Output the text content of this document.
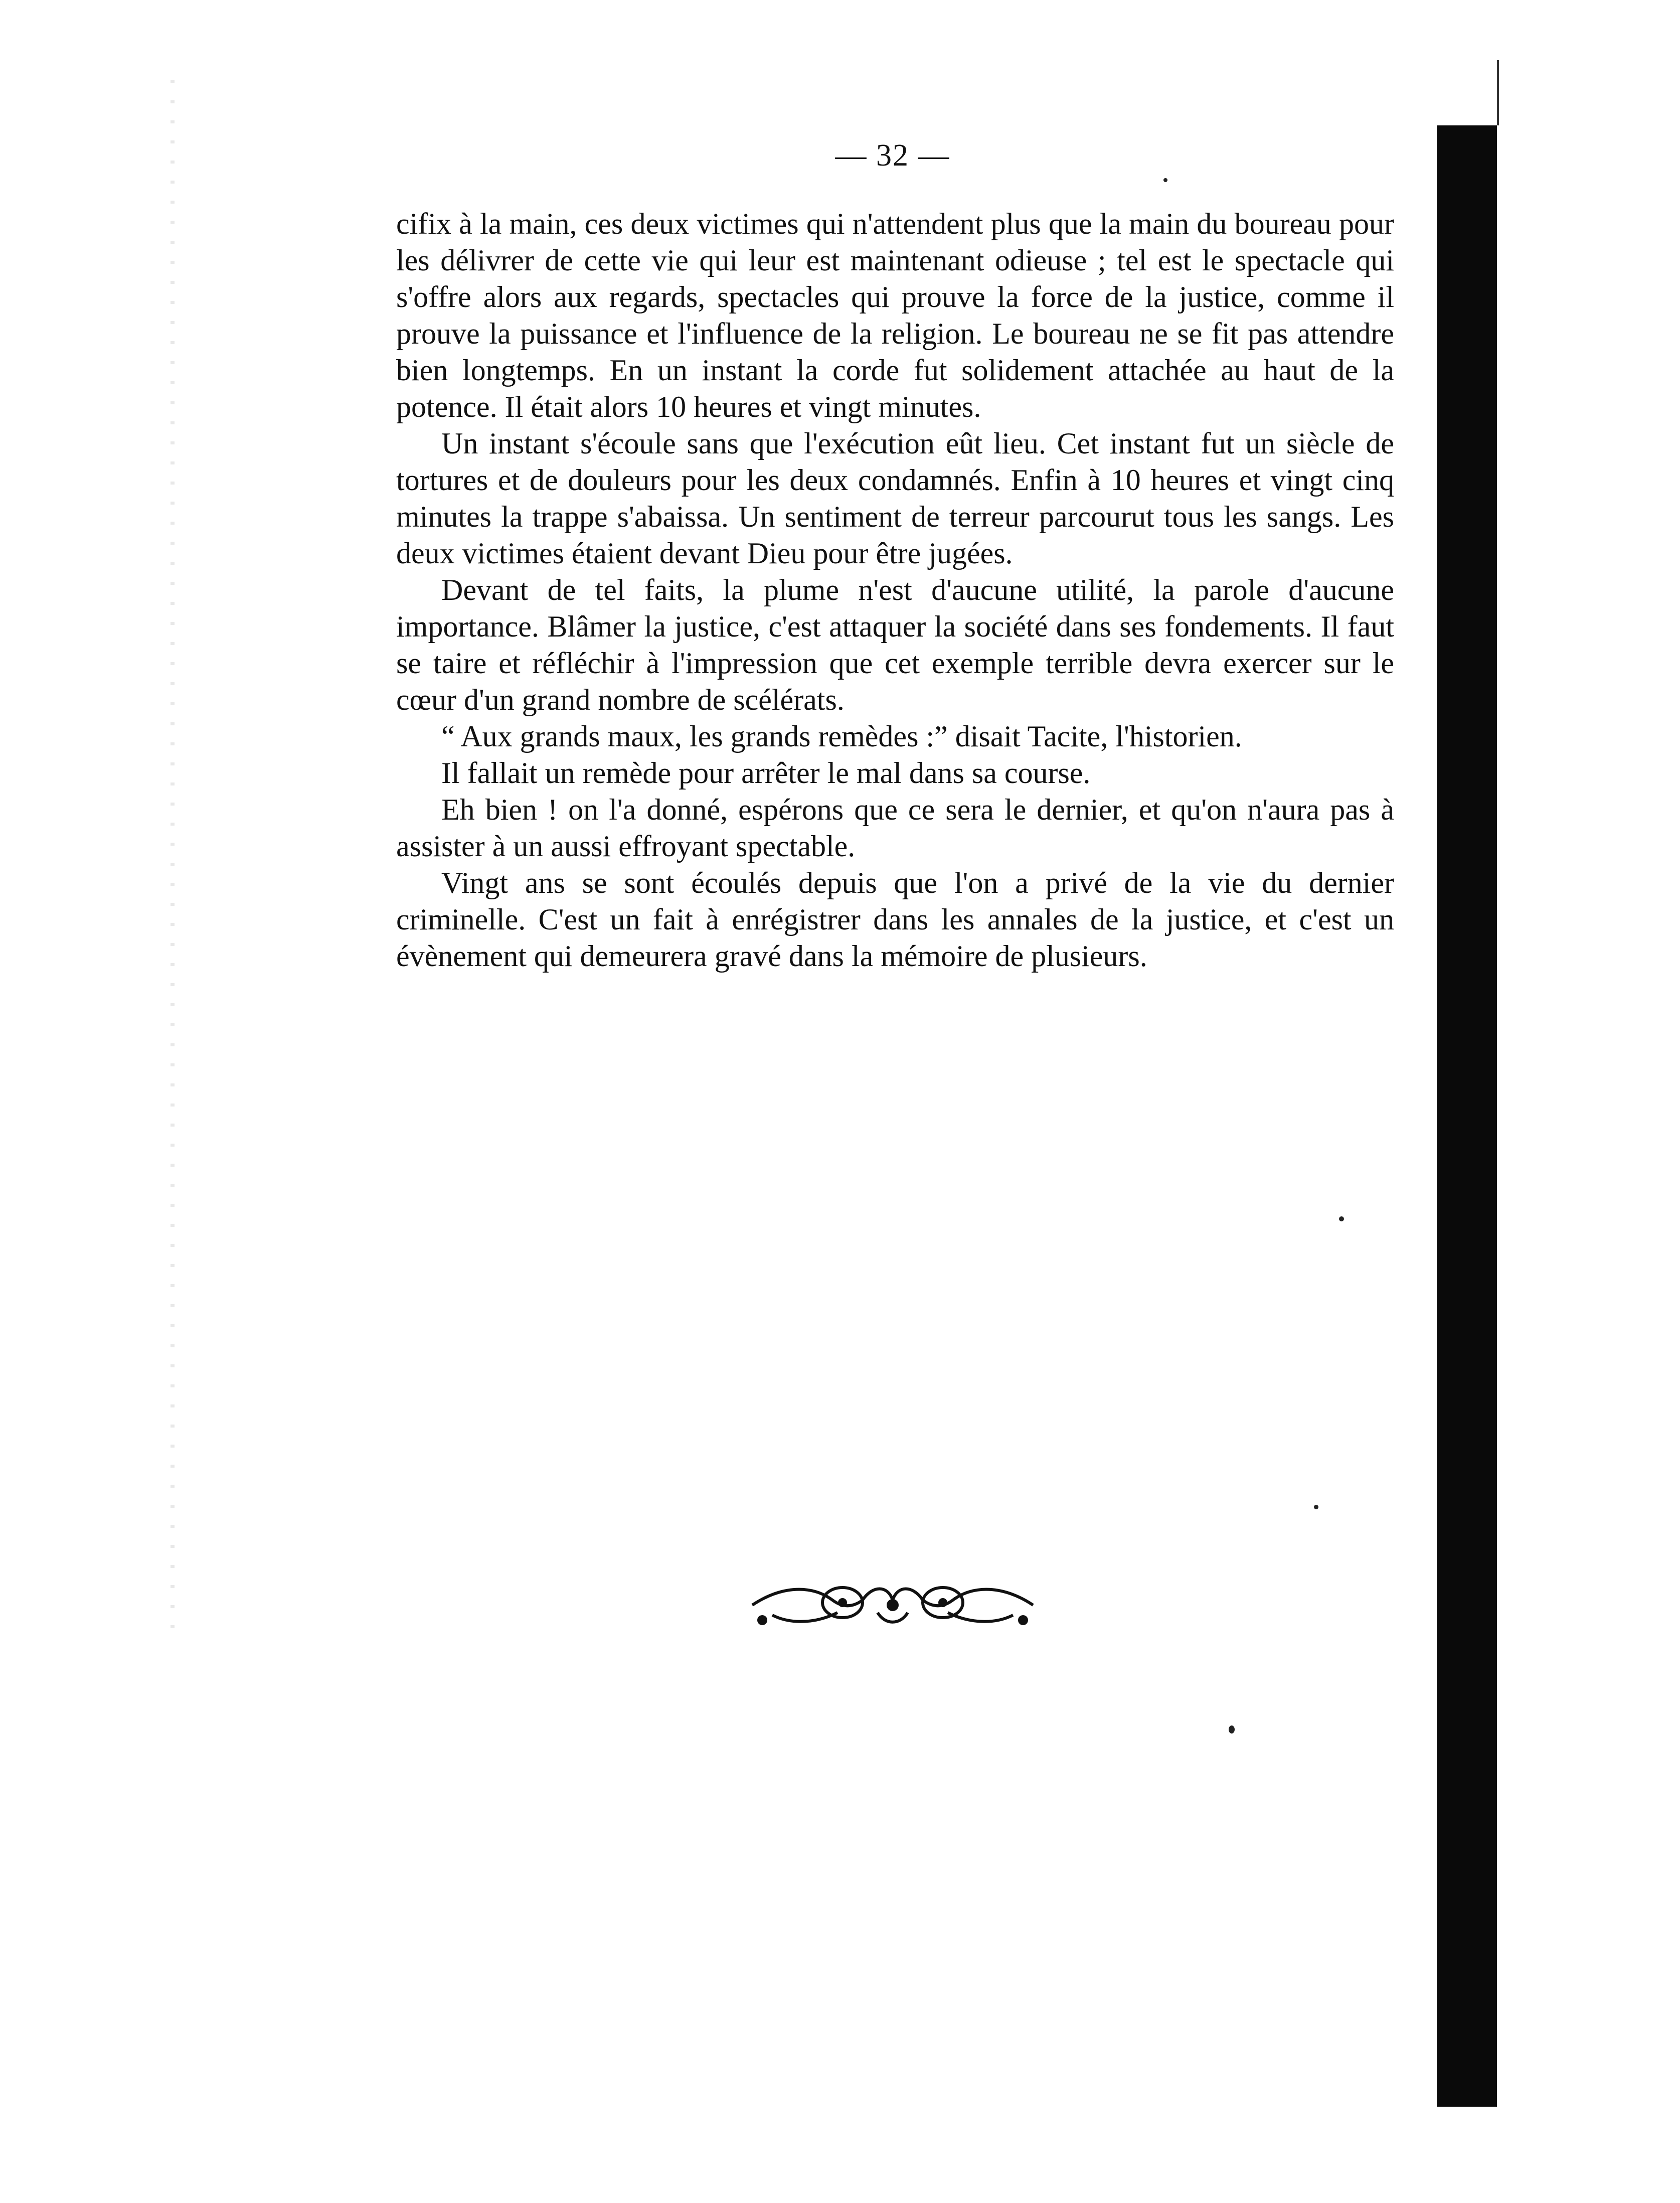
— 32 —

cifix à la main, ces deux victimes qui n'attendent plus que la main du boureau pour les délivrer de cette vie qui leur est maintenant odieuse ; tel est le spectacle qui s'offre alors aux regards, spectacles qui prouve la force de la justice, comme il prouve la puissance et l'influence de la religion. Le boureau ne se fit pas attendre bien longtemps. En un instant la corde fut solidement attachée au haut de la potence. Il était alors 10 heures et vingt minutes.

Un instant s'écoule sans que l'exécution eût lieu. Cet instant fut un siècle de tortures et de douleurs pour les deux condamnés. Enfin à 10 heures et vingt cinq minutes la trappe s'abaissa. Un sentiment de terreur parcourut tous les sangs. Les deux victimes étaient devant Dieu pour être jugées.

Devant de tel faits, la plume n'est d'aucune utilité, la parole d'aucune importance. Blâmer la justice, c'est attaquer la société dans ses fondements. Il faut se taire et réfléchir à l'impression que cet exemple terrible devra exercer sur le cœur d'un grand nombre de scélérats.

“ Aux grands maux, les grands remèdes :” disait Tacite, l'historien.

Il fallait un remède pour arrêter le mal dans sa course.

Eh bien ! on l'a donné, espérons que ce sera le dernier, et qu'on n'aura pas à assister à un aussi effroyant spectable.

Vingt ans se sont écoulés depuis que l'on a privé de la vie du dernier criminelle. C'est un fait à enrégistrer dans les annales de la justice, et c'est un évènement qui demeurera gravé dans la mémoire de plusieurs.
